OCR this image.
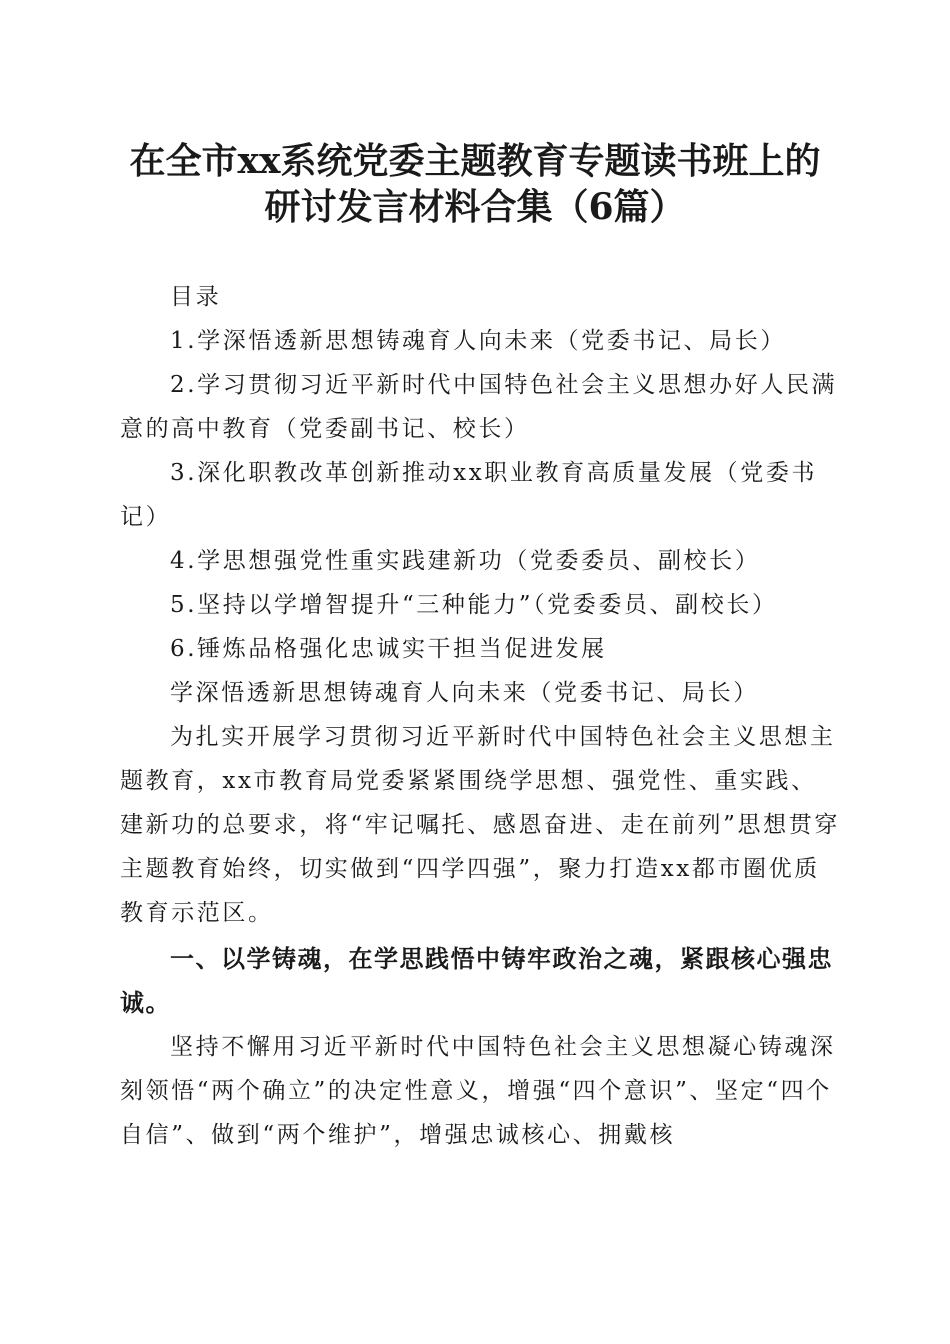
在全市xx系统党委主题教育专题读书班上的
研讨发言材料合集（6篇）

目录

1.学深悟透新思想铸魂育人向未来（党委书记、局长）

2.学习贯彻习近平新时代中国特色社会主义思想办好人民满意的高中教育（党委副书记、校长）

3.深化职教改革创新推动xx职业教育高质量发展（党委书记）

4.学思想强党性重实践建新功（党委委员、副校长）

5.坚持以学增智提升“三种能力”（党委委员、副校长）

6.锤炼品格强化忠诚实干担当促进发展

学深悟透新思想铸魂育人向未来（党委书记、局长）

为扎实开展学习贯彻习近平新时代中国特色社会主义思想主题教育，xx市教育局党委紧紧围绕学思想、强党性、重实践、建新功的总要求，将“牢记嘱托、感恩奋进、走在前列”思想贯穿主题教育始终，切实做到“四学四强”，聚力打造xx都市圈优质教育示范区。

一、以学铸魂，在学思践悟中铸牢政治之魂，紧跟核心强忠诚。

坚持不懈用习近平新时代中国特色社会主义思想凝心铸魂深刻领悟“两个确立”的决定性意义，增强“四个意识”、坚定“四个自信”、做到“两个维护”，增强忠诚核心、拥戴核
